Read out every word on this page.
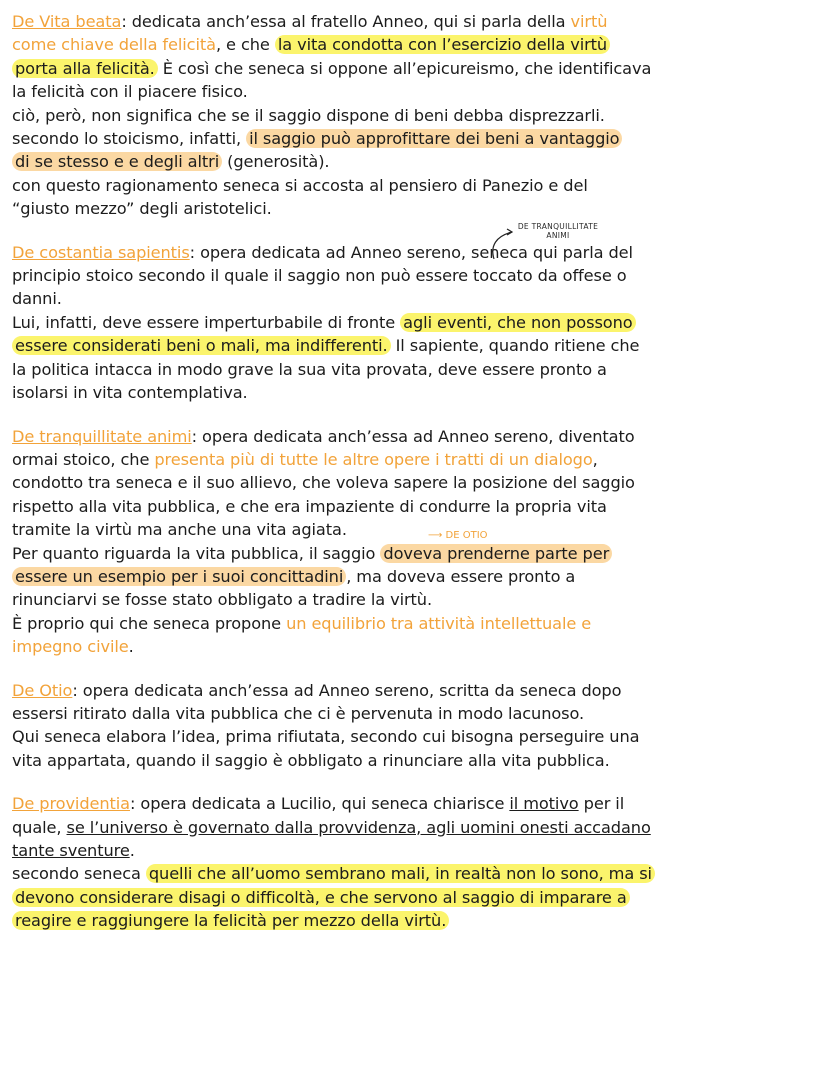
De Vita beata: dedicata anch’essa al fratello Anneo, qui si parla della virtù
come chiave della felicità, e che la vita condotta con l’esercizio della virtù
porta alla felicità. È così che seneca si oppone all’epicureismo, che identificava
la felicità con il piacere fisico.
ciò, però, non significa che se il saggio dispone di beni debba disprezzarli.
secondo lo stoicismo, infatti, il saggio può approfittare dei beni a vantaggio
di se stesso e e degli altri (generosità).
con questo ragionamento seneca si accosta al pensiero di Panezio e del
“giusto mezzo” degli aristotelici.
De costantia sapientis: opera dedicata ad Anneo sereno, seneca qui parla del
principio stoico secondo il quale il saggio non può essere toccato da offese o
danni.
Lui, infatti, deve essere imperturbabile di fronte agli eventi, che non possono
essere considerati beni o mali, ma indifferenti. Il sapiente, quando ritiene che
la politica intacca in modo grave la sua vita provata, deve essere pronto a
isolarsi in vita contemplativa.
De tranquillitate animi: opera dedicata anch’essa ad Anneo sereno, diventato
ormai stoico, che presenta più di tutte le altre opere i tratti di un dialogo,
condotto tra seneca e il suo allievo, che voleva sapere la posizione del saggio
rispetto alla vita pubblica, e che era impaziente di condurre la propria vita
tramite la virtù ma anche una vita agiata.
Per quanto riguarda la vita pubblica, il saggio doveva prenderne parte per
essere un esempio per i suoi concittadini , ma doveva essere pronto a
rinunciarvi se fosse stato obbligato a tradire la virtù.
È proprio qui che seneca propone un equilibrio tra attività intellettuale e
impegno civile.
De Otio: opera dedicata anch’essa ad Anneo sereno, scritta da seneca dopo
essersi ritirato dalla vita pubblica che ci è pervenuta in modo lacunoso.
Qui seneca elabora l’idea, prima rifiutata, secondo cui bisogna perseguire una
vita appartata, quando il saggio è obbligato a rinunciare alla vita pubblica.
De providentia: opera dedicata a Lucilio, qui seneca chiarisce il motivo per il
quale, se l’universo è governato dalla provvidenza, agli uomini onesti accadano
tante sventure.
secondo seneca quelli che all’uomo sembrano mali, in realtà non lo sono, ma si
devono considerare disagi o difficoltà, e che servono al saggio di imparare a
reagire e raggiungere la felicità per mezzo della virtù.
DE TRANQUILLITATE ANIMI
⟶ DE OTIO
